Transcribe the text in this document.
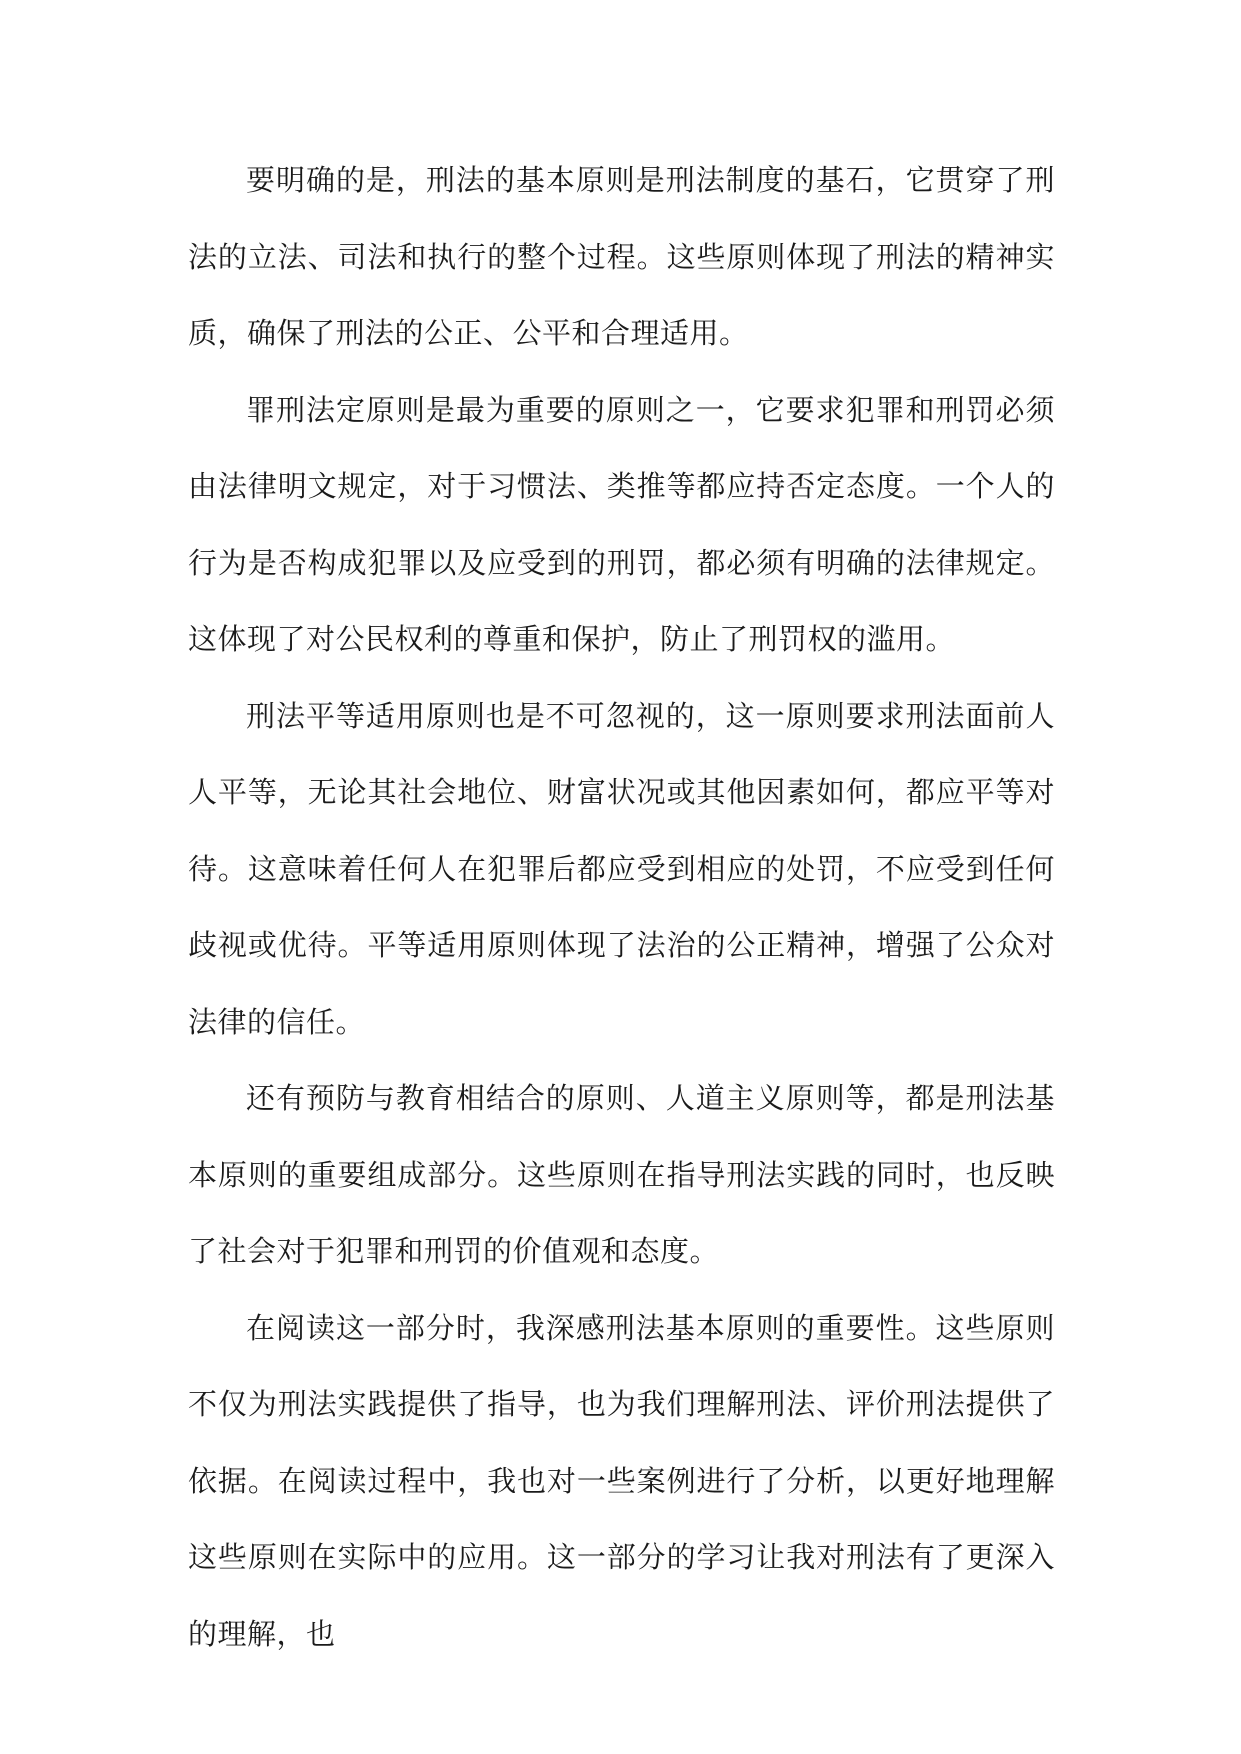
要明确的是，刑法的基本原则是刑法制度的基石，它贯穿了刑法的立法、司法和执行的整个过程。这些原则体现了刑法的精神实质，确保了刑法的公正、公平和合理适用。

罪刑法定原则是最为重要的原则之一，它要求犯罪和刑罚必须由法律明文规定，对于习惯法、类推等都应持否定态度。一个人的行为是否构成犯罪以及应受到的刑罚，都必须有明确的法律规定。这体现了对公民权利的尊重和保护，防止了刑罚权的滥用。

刑法平等适用原则也是不可忽视的，这一原则要求刑法面前人人平等，无论其社会地位、财富状况或其他因素如何，都应平等对待。这意味着任何人在犯罪后都应受到相应的处罚，不应受到任何歧视或优待。平等适用原则体现了法治的公正精神，增强了公众对法律的信任。

还有预防与教育相结合的原则、人道主义原则等，都是刑法基本原则的重要组成部分。这些原则在指导刑法实践的同时，也反映了社会对于犯罪和刑罚的价值观和态度。

在阅读这一部分时，我深感刑法基本原则的重要性。这些原则不仅为刑法实践提供了指导，也为我们理解刑法、评价刑法提供了依据。在阅读过程中，我也对一些案例进行了分析，以更好地理解这些原则在实际中的应用。这一部分的学习让我对刑法有了更深入的理解，也
